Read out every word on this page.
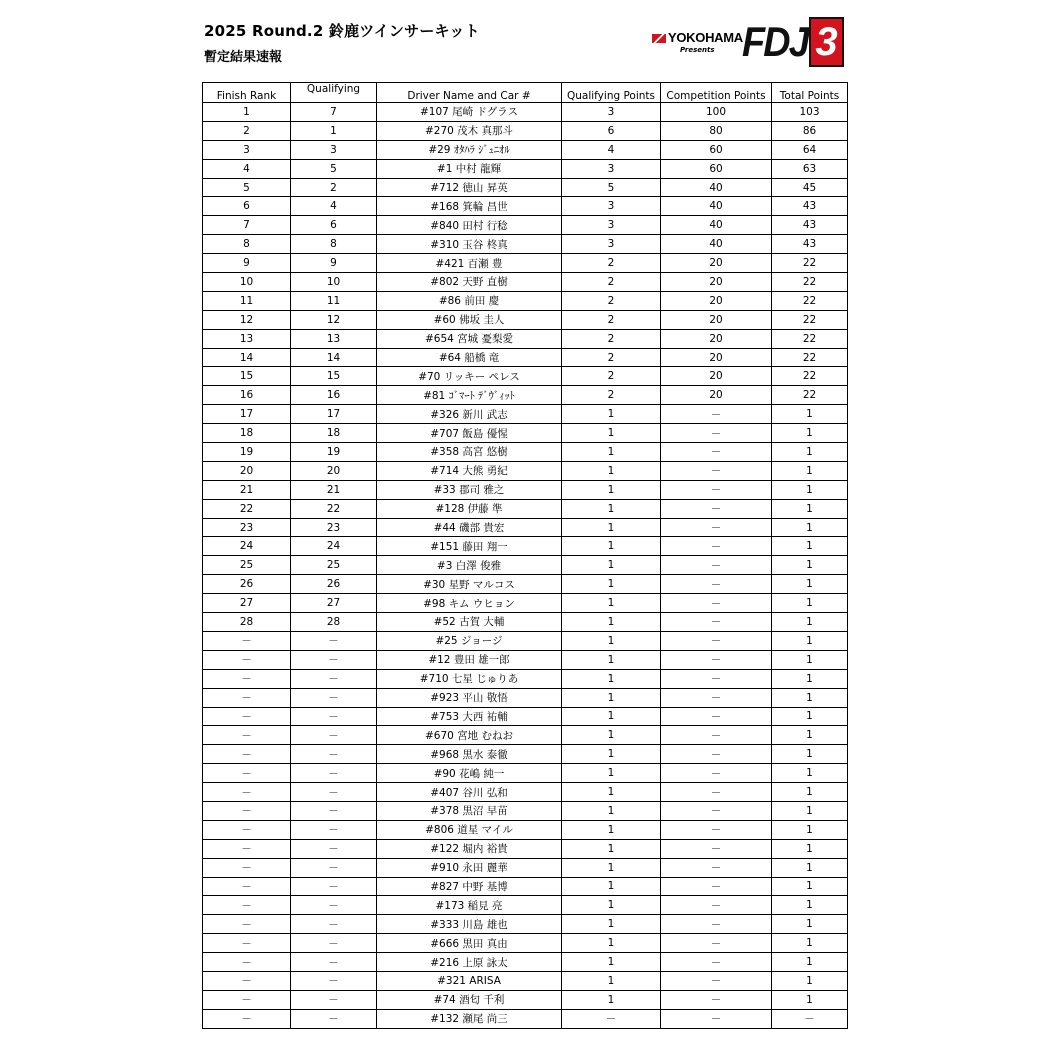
2025 Round.2 鈴鹿ツインサーキット
暫定結果速報
YOKOHAMA
Presents FDJ 3
Finish Rank	Qualifying	Driver Name and Car #	Qualifying Points	Competition Points	Total Points
1	7	#107 尾崎 ドグラス	3	100	103
2	1	#270 茂木 真那斗	6	80	86
3	3	#29 ｵﾀﾊﾗ ｼﾞｭﾆｵﾙ	4	60	64
4	5	#1 中村 龍輝	3	60	63
5	2	#712 徳山 昇英	5	40	45
6	4	#168 箕輪 昌世	3	40	43
7	6	#840 田村 行稔	3	40	43
8	8	#310 玉谷 柊真	3	40	43
9	9	#421 百瀬 豊	2	20	22
10	10	#802 天野 直樹	2	20	22
11	11	#86 前田 慶	2	20	22
12	12	#60 佛坂 圭人	2	20	22
13	13	#654 宮城 憂梨愛	2	20	22
14	14	#64 船橋 竜	2	20	22
15	15	#70 リッキー ペレス	2	20	22
16	16	#81 ｺﾞﾏｰﾄ ﾃﾞｳﾞｨｯﾄ	2	20	22
17	17	#326 新川 武志	1	－	1
18	18	#707 飯島 優惺	1	－	1
19	19	#358 高宮 悠樹	1	－	1
20	20	#714 大熊 勇紀	1	－	1
21	21	#33 郡司 雅之	1	－	1
22	22	#128 伊藤 準	1	－	1
23	23	#44 磯部 貴宏	1	－	1
24	24	#151 藤田 翔一	1	－	1
25	25	#3 白澤 俊雅	1	－	1
26	26	#30 星野 マルコス	1	－	1
27	27	#98 キム ウヒョン	1	－	1
28	28	#52 古賀 大輔	1	－	1
－	－	#25 ジョージ	1	－	1
－	－	#12 豊田 雄一郎	1	－	1
－	－	#710 七星 じゅりあ	1	－	1
－	－	#923 平山 敬悟	1	－	1
－	－	#753 大西 祐輔	1	－	1
－	－	#670 宮地 むねお	1	－	1
－	－	#968 黒水 泰徹	1	－	1
－	－	#90 花嶋 純一	1	－	1
－	－	#407 谷川 弘和	1	－	1
－	－	#378 黒沼 早苗	1	－	1
－	－	#806 道星 マイル	1	－	1
－	－	#122 堀内 裕貴	1	－	1
－	－	#910 永田 麗華	1	－	1
－	－	#827 中野 基博	1	－	1
－	－	#173 稲見 亮	1	－	1
－	－	#333 川島 雄也	1	－	1
－	－	#666 黒田 真由	1	－	1
－	－	#216 上原 詠太	1	－	1
－	－	#321 ARISA	1	－	1
－	－	#74 酒匂 千利	1	－	1
－	－	#132 瀬尾 尚三	－	－	－
